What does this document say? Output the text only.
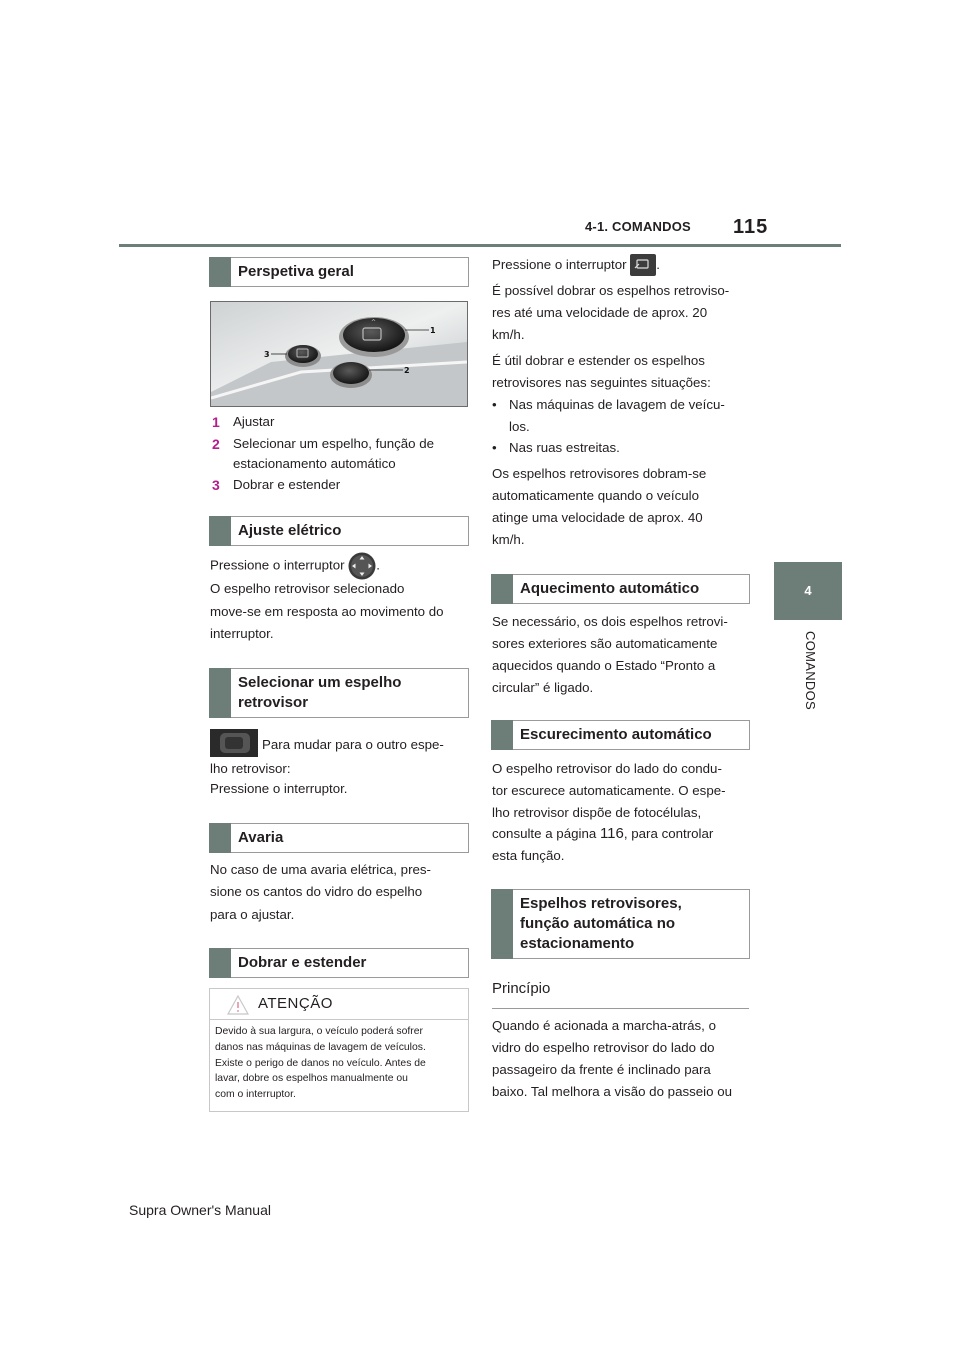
4-1. COMANDOS 115
4
COMANDOS
Perspetiva geral
^
1
2
3
1 Ajustar
2 Selecionar um espelho, função de
estacionamento automático
3 Dobrar e estender
Ajuste elétrico
Pressione o interruptor .
O espelho retrovisor selecionado
move-se em resposta ao movimento do
interruptor.
Selecionar um espelho
retrovisor
Para mudar para o outro espe-
lho retrovisor:
Pressione o interruptor.
Avaria
No caso de uma avaria elétrica, pres-
sione os cantos do vidro do espelho
para o ajustar.
Dobrar e estender
ATENÇÃO
Devido à sua largura, o veículo poderá sofrer
danos nas máquinas de lavagem de veículos.
Existe o perigo de danos no veículo. Antes de
lavar, dobre os espelhos manualmente ou
com o interruptor.
Pressione o interruptor .
É possível dobrar os espelhos retroviso-
res até uma velocidade de aprox. 20
km/h.
É útil dobrar e estender os espelhos
retrovisores nas seguintes situações:
• Nas máquinas de lavagem de veícu-
los.
• Nas ruas estreitas.
Os espelhos retrovisores dobram-se
automaticamente quando o veículo
atinge uma velocidade de aprox. 40
km/h.
Aquecimento automático
Se necessário, os dois espelhos retrovi-
sores exteriores são automaticamente
aquecidos quando o Estado “Pronto a
circular” é ligado.
Escurecimento automático
O espelho retrovisor do lado do condu-
tor escurece automaticamente. O espe-
lho retrovisor dispõe de fotocélulas,
consulte a página 116, para controlar
esta função.
Espelhos retrovisores,
função automática no
estacionamento
Princípio
Quando é acionada a marcha-atrás, o
vidro do espelho retrovisor do lado do
passageiro da frente é inclinado para
baixo. Tal melhora a visão do passeio ou
Supra Owner's Manual
